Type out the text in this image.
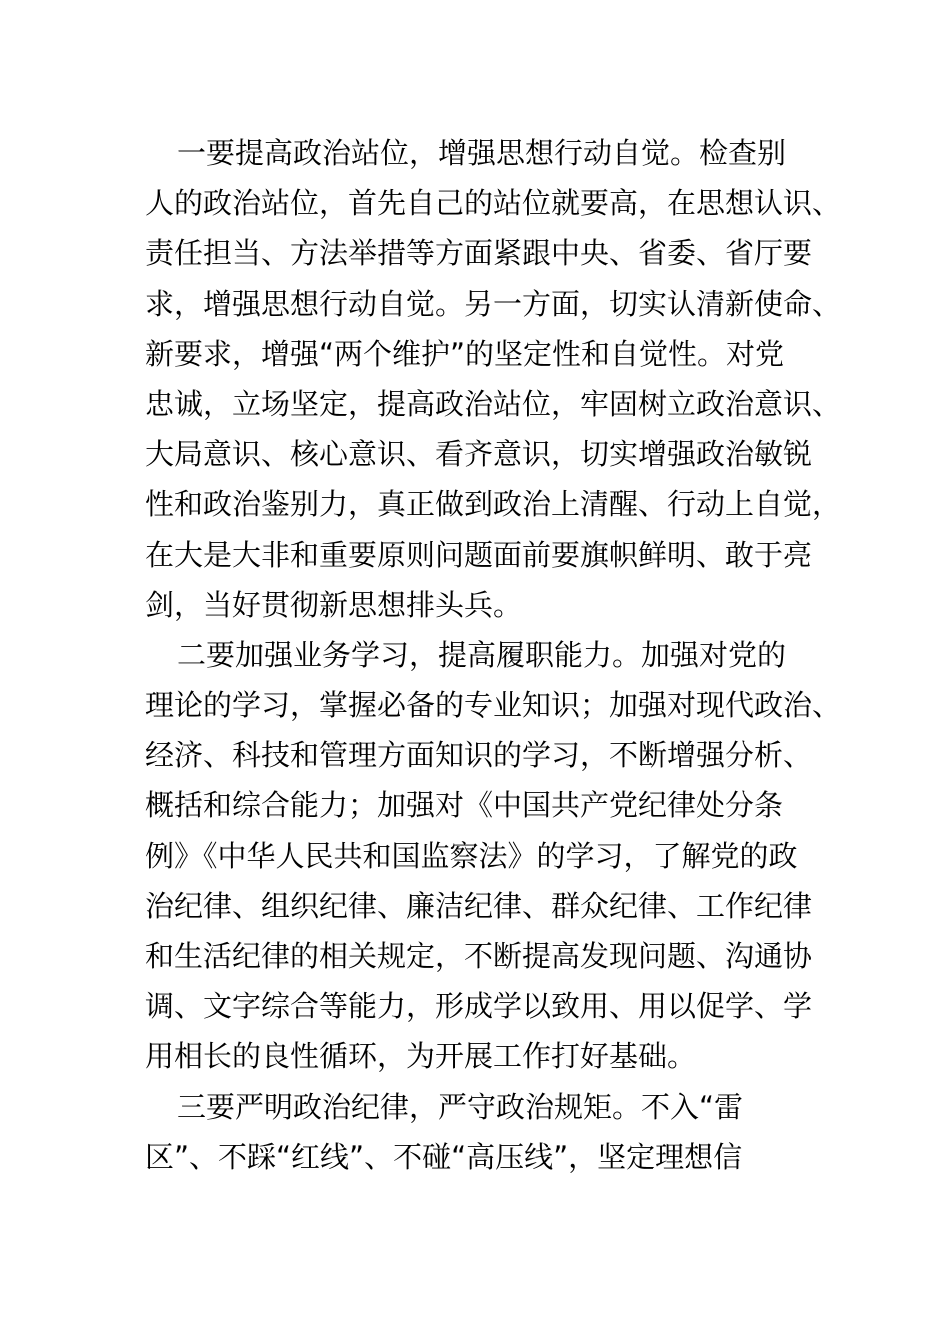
一要提高政治站位，增强思想行动自觉。检查别
人的政治站位，首先自己的站位就要高，在思想认识、
责任担当、方法举措等方面紧跟中央、省委、省厅要
求，增强思想行动自觉。另一方面，切实认清新使命、
新要求，增强“两个维护”的坚定性和自觉性。对党
忠诚，立场坚定，提高政治站位，牢固树立政治意识、
大局意识、核心意识、看齐意识，切实增强政治敏锐
性和政治鉴别力，真正做到政治上清醒、行动上自觉，
在大是大非和重要原则问题面前要旗帜鲜明、敢于亮
剑，当好贯彻新思想排头兵。
二要加强业务学习，提高履职能力。加强对党的
理论的学习，掌握必备的专业知识；加强对现代政治、
经济、科技和管理方面知识的学习，不断增强分析、
概括和综合能力；加强对《中国共产党纪律处分条
例》《中华人民共和国监察法》的学习，了解党的政
治纪律、组织纪律、廉洁纪律、群众纪律、工作纪律
和生活纪律的相关规定，不断提高发现问题、沟通协
调、文字综合等能力，形成学以致用、用以促学、学
用相长的良性循环，为开展工作打好基础。
三要严明政治纪律，严守政治规矩。不入“雷
区”、不踩“红线”、不碰“高压线”，坚定理想信
